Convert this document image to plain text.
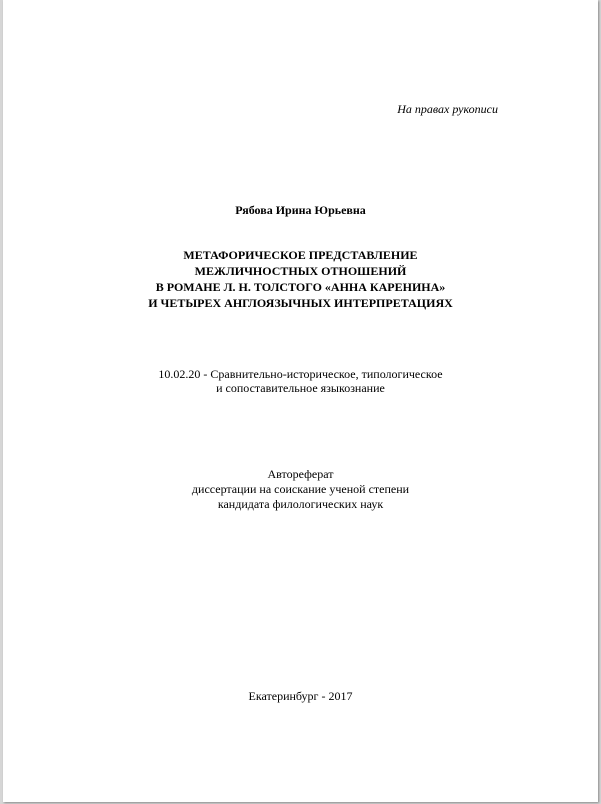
На правах рукописи
Рябова Ирина Юрьевна
МЕТАФОРИЧЕСКОЕ ПРЕДСТАВЛЕНИЕ
МЕЖЛИЧНОСТНЫХ ОТНОШЕНИЙ
В РОМАНЕ Л. Н. ТОЛСТОГО «АННА КАРЕНИНА»
И ЧЕТЫРЕХ АНГЛОЯЗЫЧНЫХ ИНТЕРПРЕТАЦИЯХ
10.02.20 - Сравнительно-историческое, типологическое
и сопоставительное языкознание
Автореферат
диссертации на соискание ученой степени
кандидата филологических наук
Екатеринбург - 2017
